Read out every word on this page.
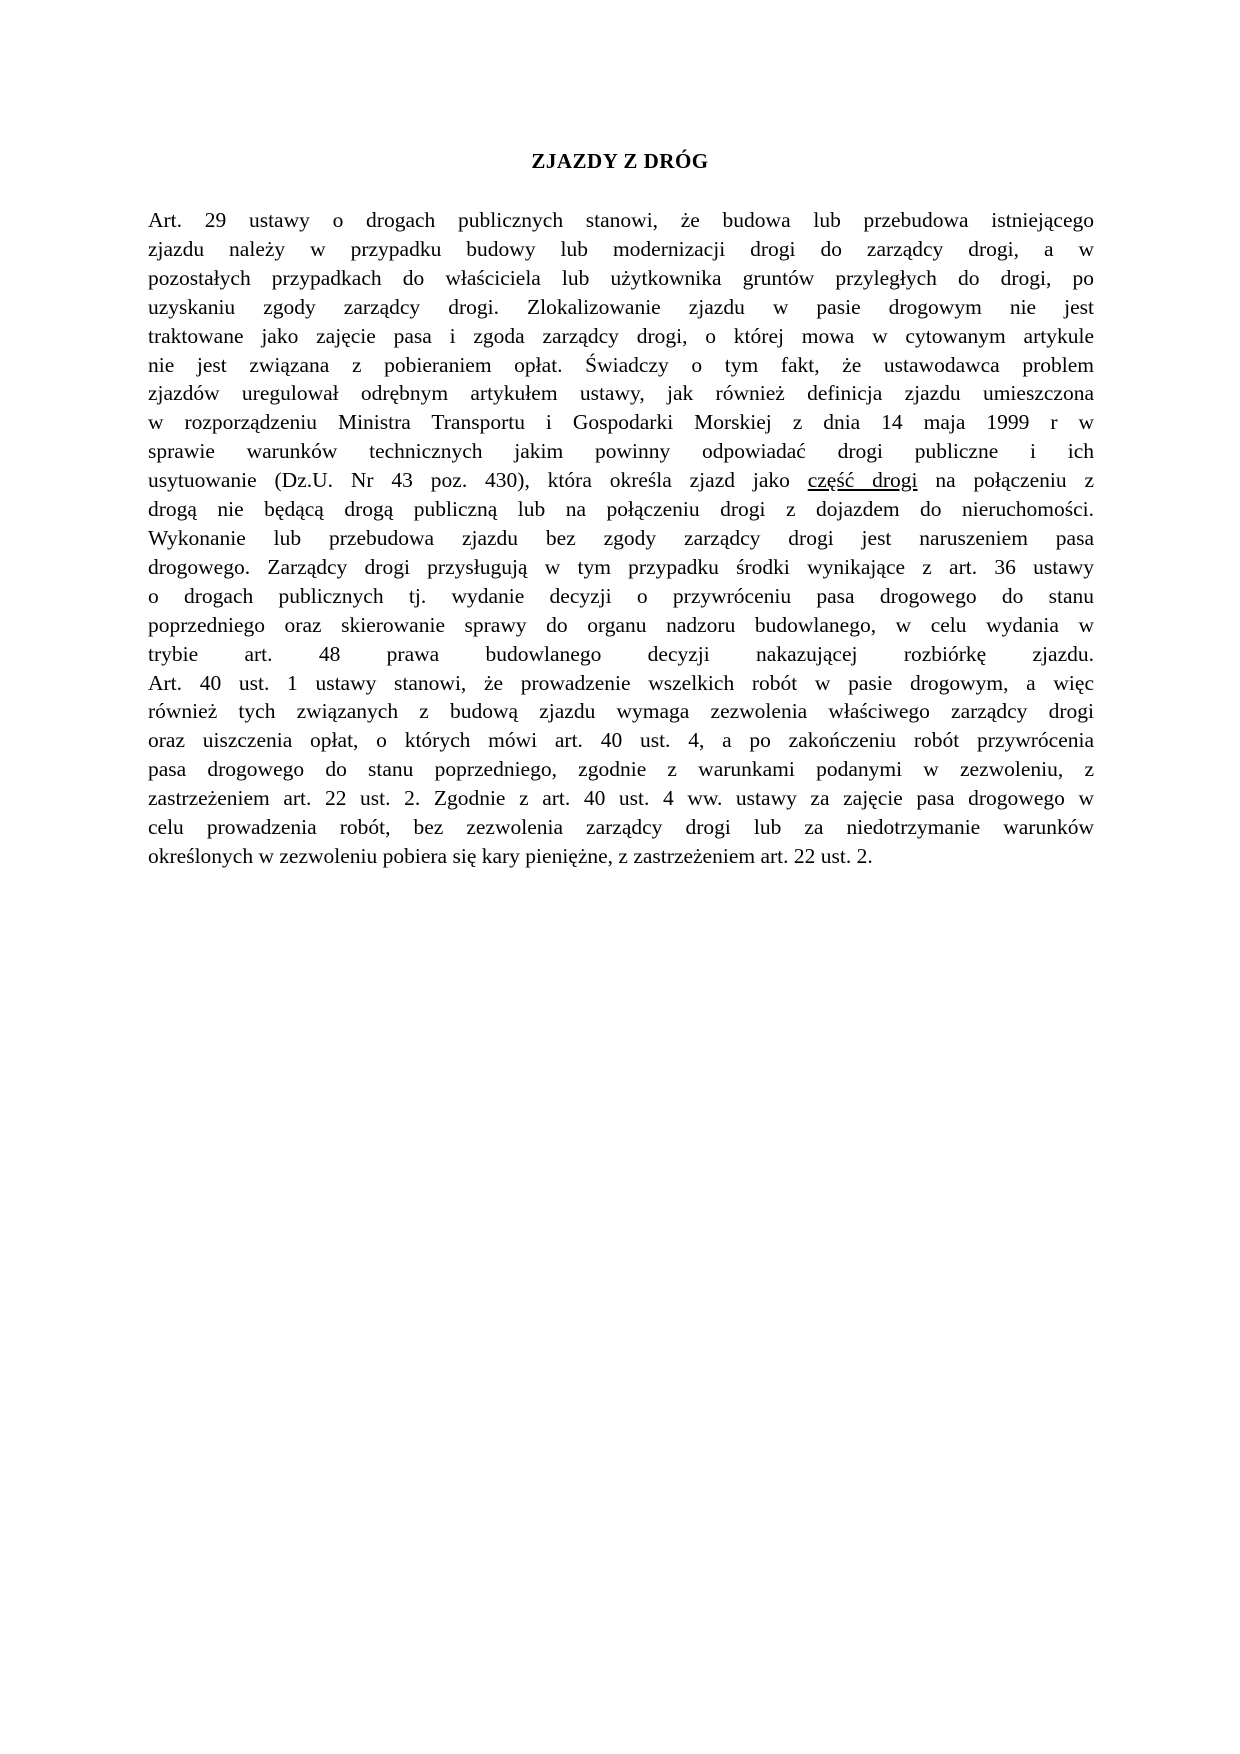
ZJAZDY Z DRÓG
Art. 29 ustawy o drogach publicznych stanowi, że budowa lub przebudowa istniejącego
zjazdu należy w przypadku budowy lub modernizacji drogi do zarządcy drogi, a w
pozostałych przypadkach do właściciela lub użytkownika gruntów przyległych do drogi, po
uzyskaniu zgody zarządcy drogi. Zlokalizowanie zjazdu w pasie drogowym nie jest
traktowane jako zajęcie pasa i zgoda zarządcy drogi, o której mowa w cytowanym artykule
nie jest związana z pobieraniem opłat. Świadczy o tym fakt, że ustawodawca problem
zjazdów uregulował odrębnym artykułem ustawy, jak również definicja zjazdu umieszczona
w rozporządzeniu Ministra Transportu i Gospodarki Morskiej z dnia 14 maja 1999 r w
sprawie warunków technicznych jakim powinny odpowiadać drogi publiczne i ich
usytuowanie (Dz.U. Nr 43 poz. 430), która określa zjazd jako część drogi na połączeniu z
drogą nie będącą drogą publiczną lub na połączeniu drogi z dojazdem do nieruchomości.
Wykonanie lub przebudowa zjazdu bez zgody zarządcy drogi jest naruszeniem pasa
drogowego. Zarządcy drogi przysługują w tym przypadku środki wynikające z art. 36 ustawy
o drogach publicznych tj. wydanie decyzji o przywróceniu pasa drogowego do stanu
poprzedniego oraz skierowanie sprawy do organu nadzoru budowlanego, w celu wydania w
trybie art. 48 prawa budowlanego decyzji nakazującej rozbiórkę zjazdu.
Art. 40 ust. 1 ustawy stanowi, że prowadzenie wszelkich robót w pasie drogowym, a więc
również tych związanych z budową zjazdu wymaga zezwolenia właściwego zarządcy drogi
oraz uiszczenia opłat, o których mówi art. 40 ust. 4, a po zakończeniu robót przywrócenia
pasa drogowego do stanu poprzedniego, zgodnie z warunkami podanymi w zezwoleniu, z
zastrzeżeniem art. 22 ust. 2. Zgodnie z art. 40 ust. 4 ww. ustawy za zajęcie pasa drogowego w
celu prowadzenia robót, bez zezwolenia zarządcy drogi lub za niedotrzymanie warunków
określonych w zezwoleniu pobiera się kary pieniężne, z zastrzeżeniem art. 22 ust. 2.
